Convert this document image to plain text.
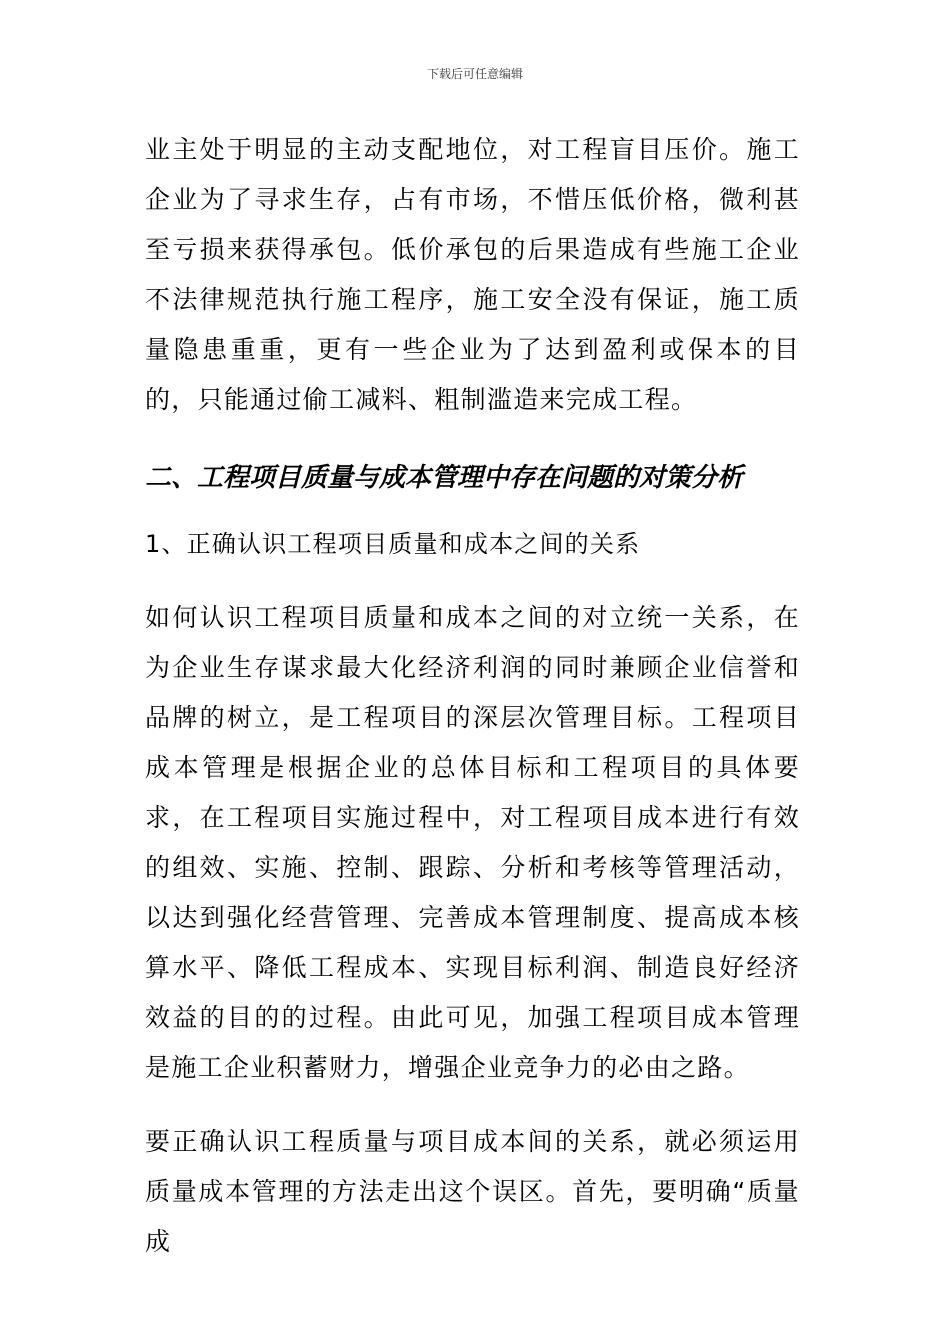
下载后可任意编辑

业主处于明显的主动支配地位，对工程盲目压价。施工企业为了寻求生存，占有市场，不惜压低价格，微利甚至亏损来获得承包。低价承包的后果造成有些施工企业不法律规范执行施工程序，施工安全没有保证，施工质量隐患重重，更有一些企业为了达到盈利或保本的目的，只能通过偷工减料、粗制滥造来完成工程。

二、工程项目质量与成本管理中存在问题的对策分析

1、正确认识工程项目质量和成本之间的关系

如何认识工程项目质量和成本之间的对立统一关系，在为企业生存谋求最大化经济利润的同时兼顾企业信誉和品牌的树立，是工程项目的深层次管理目标。工程项目成本管理是根据企业的总体目标和工程项目的具体要求，在工程项目实施过程中，对工程项目成本进行有效的组效、实施、控制、跟踪、分析和考核等管理活动，以达到强化经营管理、完善成本管理制度、提高成本核算水平、降低工程成本、实现目标利润、制造良好经济效益的目的的过程。由此可见，加强工程项目成本管理是施工企业积蓄财力，增强企业竞争力的必由之路。

要正确认识工程质量与项目成本间的关系，就必须运用质量成本管理的方法走出这个误区。首先，要明确“质量成
